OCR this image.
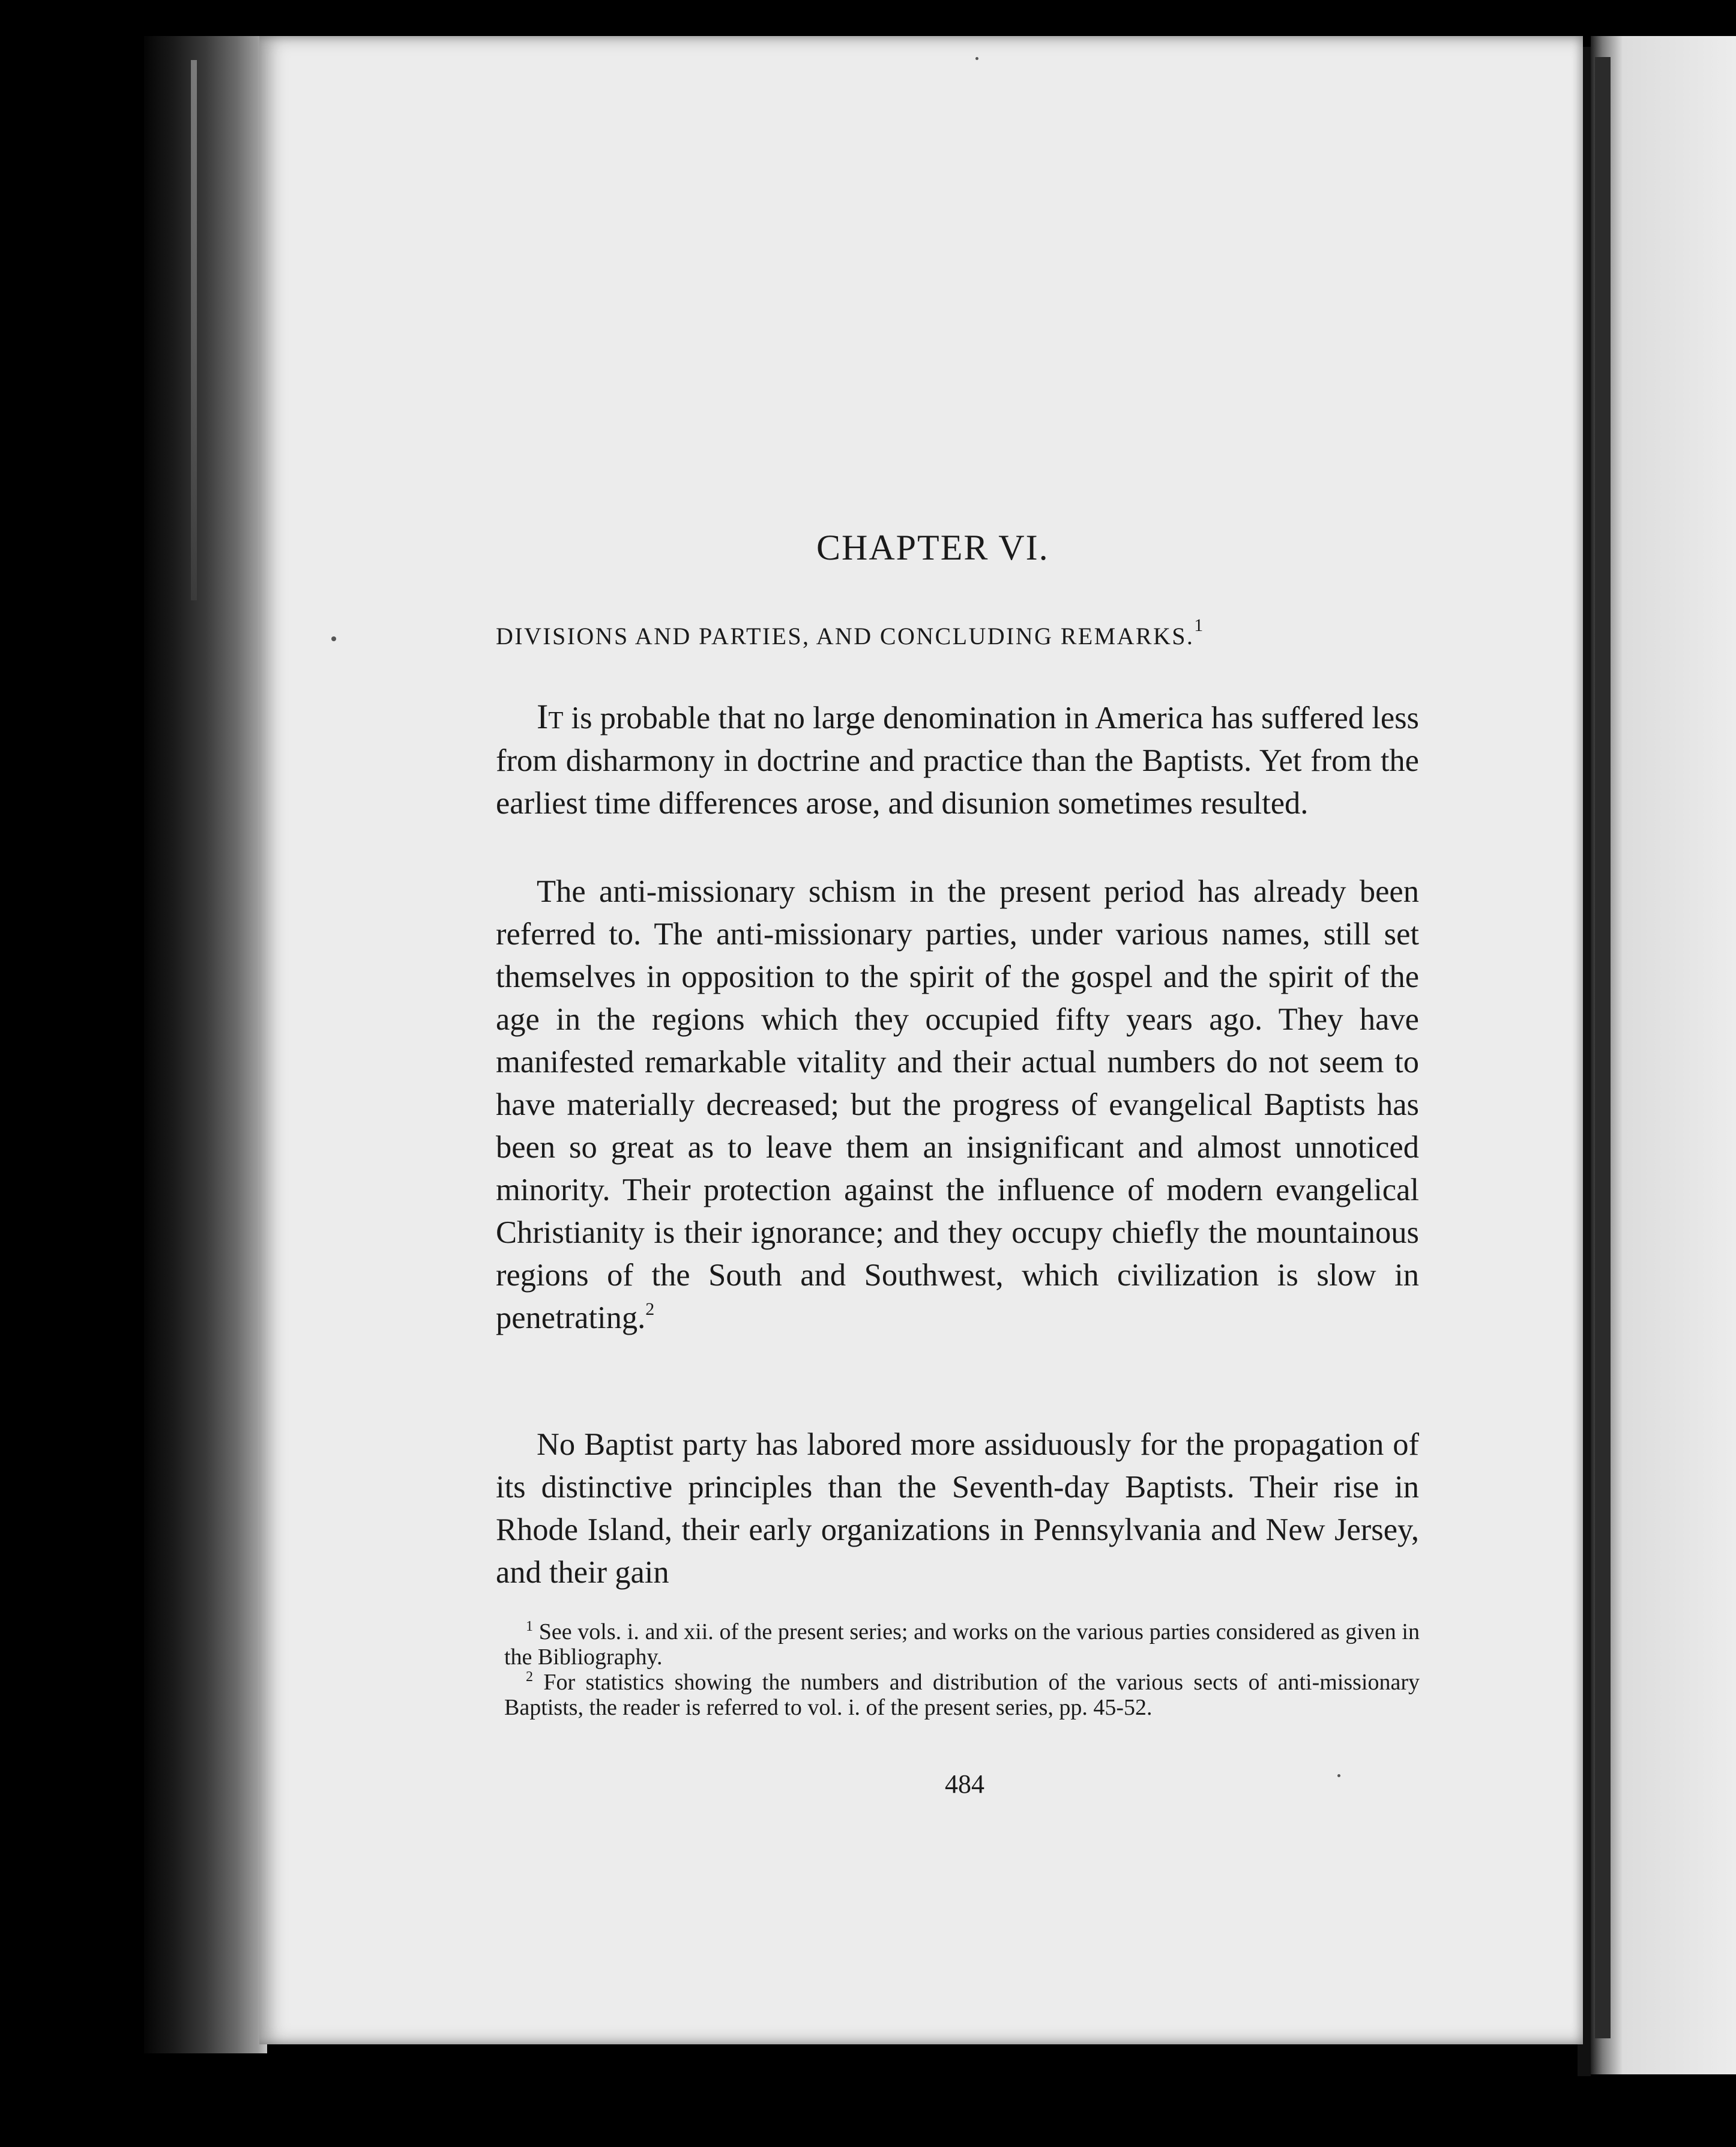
CHAPTER VI.
DIVISIONS AND PARTIES, AND CONCLUDING REMARKS.$^1$

It is probable that no large denomination in America has suffered less from disharmony in doctrine and practice than the Baptists. Yet from the earliest time differences arose, and disunion sometimes resulted.

The anti-missionary schism in the present period has already been referred to. The anti-missionary parties, under various names, still set themselves in opposition to the spirit of the gospel and the spirit of the age in the regions which they occupied fifty years ago. They have manifested remarkable vitality and their actual numbers do not seem to have materially decreased; but the progress of evangelical Baptists has been so great as to leave them an insignificant and almost unnoticed minority. Their protection against the influence of modern evangelical Christianity is their ignorance; and they occupy chiefly the mountainous regions of the South and Southwest, which civilization is slow in penetrating.$^2$

No Baptist party has labored more assiduously for the propagation of its distinctive principles than the Seventh-day Baptists. Their rise in Rhode Island, their early organizations in Pennsylvania and New Jersey, and their gain

$^1$ See vols. i. and xii. of the present series; and works on the various parties considered as given in the Bibliography.

$^2$ For statistics showing the numbers and distribution of the various sects of anti-missionary Baptists, the reader is referred to vol. i. of the present series, pp. 45-52.

484
